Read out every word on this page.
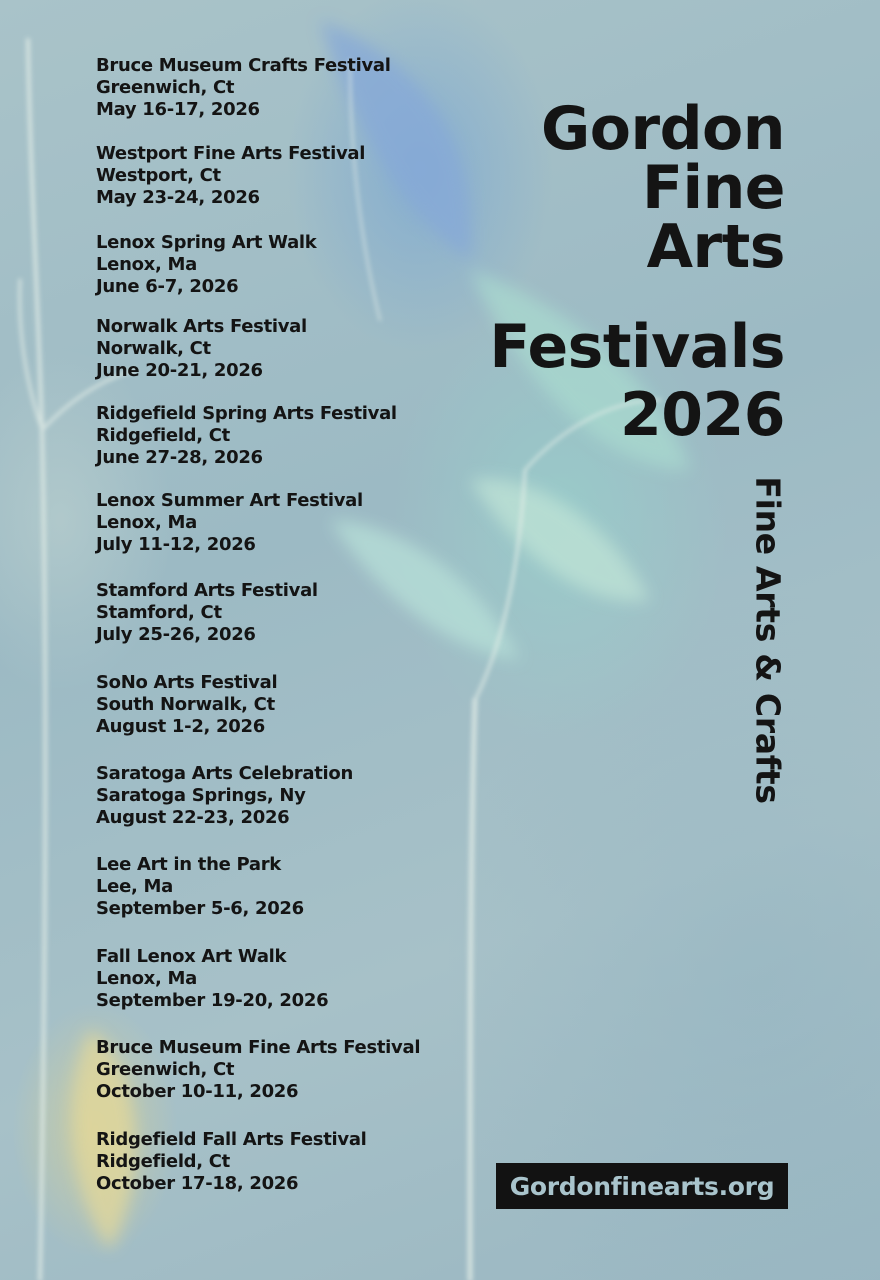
Bruce Museum Crafts Festival
Greenwich, Ct
May 16-17, 2026
Westport Fine Arts Festival
Westport, Ct
May 23-24, 2026
Lenox Spring Art Walk
Lenox, Ma
June 6-7, 2026
Norwalk Arts Festival
Norwalk, Ct
June 20-21, 2026
Ridgefield Spring Arts Festival
Ridgefield, Ct
June 27-28, 2026
Lenox Summer Art Festival
Lenox, Ma
July 11-12, 2026
Stamford Arts Festival
Stamford, Ct
July 25-26, 2026
SoNo Arts Festival
South Norwalk, Ct
August 1-2, 2026
Saratoga Arts Celebration
Saratoga Springs, Ny
August 22-23, 2026
Lee Art in the Park
Lee, Ma
September 5-6, 2026
Fall Lenox Art Walk
Lenox, Ma
September 19-20, 2026
Bruce Museum Fine Arts Festival
Greenwich, Ct
October 10-11, 2026
Ridgefield Fall Arts Festival
Ridgefield, Ct
October 17-18, 2026
Gordon
Fine
Arts
Festivals
2026
Fine Arts & Crafts
Gordonfinearts.org
